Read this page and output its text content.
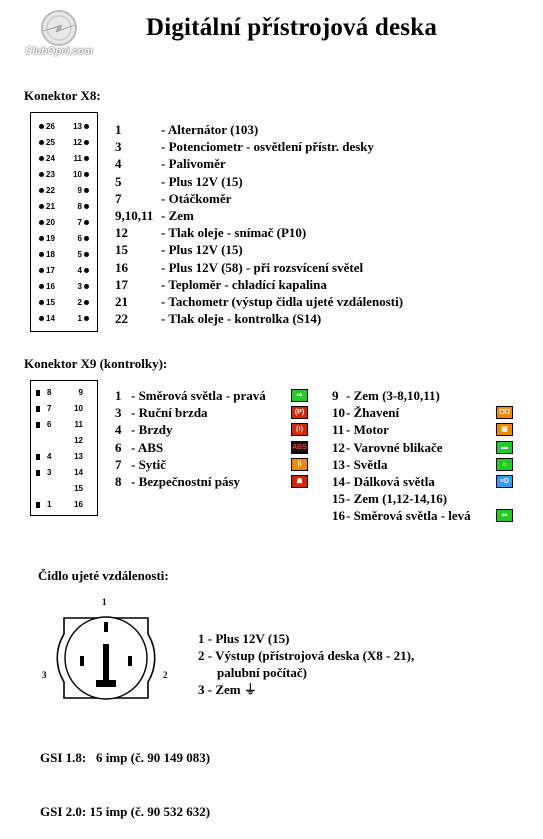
ClubOpel.com
Digitální přístrojová deska
Konektor X8:
26 13
25 12
24 11
23 10
22	9
21	8
20	7
19	6
18	5
17	4
16	3
15	2
14	1
1	- Alternátor (103)
3	- Potenciometr - osvětlení přístr. desky
4	- Palivoměr
5	- Plus 12V (15)
7	- Otáčkoměr
9,10,11 - Zem
12	- Tlak oleje - snímač (P10)
15	- Plus 12V (15)
16	- Plus 12V (58) - při rozsvícení světel
17	- Teploměr - chladící kapalina
21	- Tachometr (výstup čidla ujeté vzdálenosti)
22	- Tlak oleje - kontrolka (S14)
Konektor X9 (kontrolky):
8	9
7	10
6	11
12
4	13
3	14
15
1	16
1 - Směrová světla - pravá	⇨
3 - Ruční brzda	(P)
4 - Brzdy	(!)
6 - ABS	ABS
7 - Sytič	|\
8 - Bezpečnostní pásy	☗
9 - Zem (3-8,10,11)
10 - Žhavení	ᘮᘮ
11 - Motor	▣
12 - Varovné blikače	▬
13 - Světla	☼
14 - Dálková světla	≡D
15 - Zem (1,12-14,16)
16 - Směrová světla - levá	⇦
Čidlo ujeté vzdálenosti:
1
3	2
1 - Plus 12V (15)
2 - Výstup (přístrojová deska (X8 - 21),
palubní počítač)
3 - Zem ⏚

GSI 1.8:   6 imp (č. 90 149 083)

GSI 2.0: 15 imp (č. 90 532 632)
